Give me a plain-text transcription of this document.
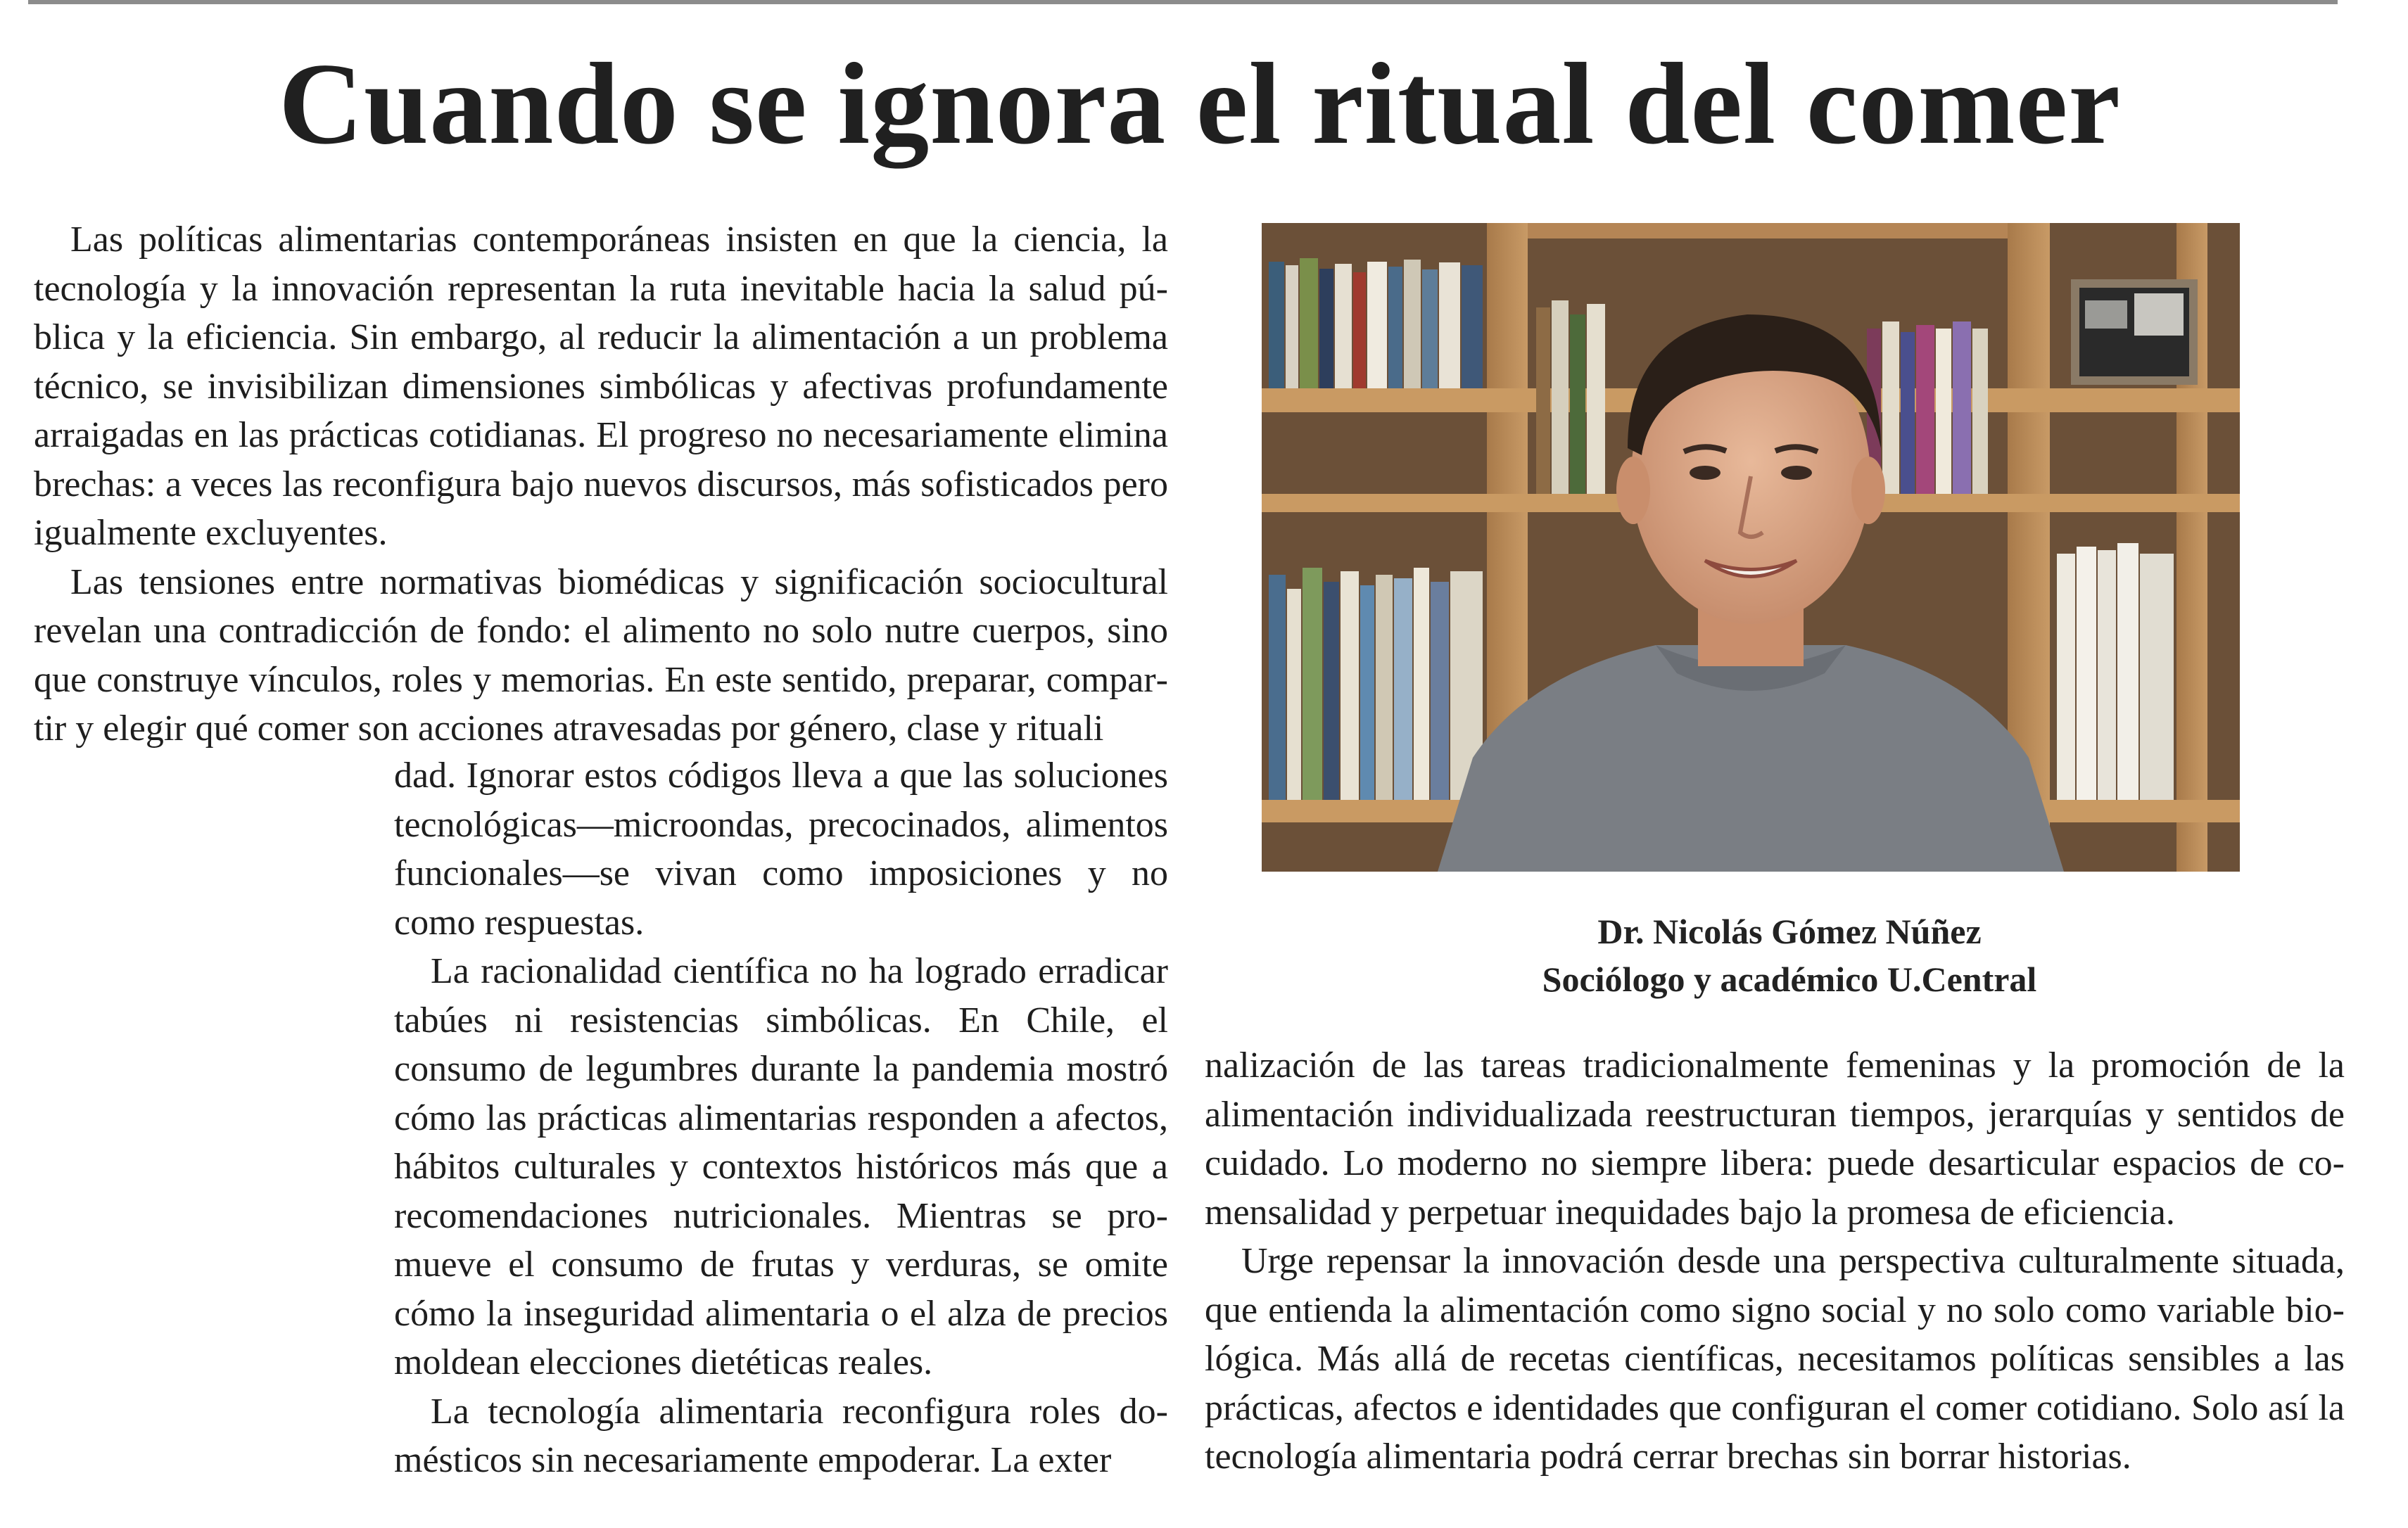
Cuando se ignora el ritual del comer

Las políticas alimentarias contemporáneas insisten en que la ciencia, la tecnología y la innovación representan la ruta inevitable hacia la salud pública y la eficiencia. Sin embargo, al reducir la alimentación a un problema técnico, se invisibilizan dimensiones simbólicas y afectivas profundamente arraigadas en las prácticas cotidianas. El progreso no necesariamente elimina brechas: a veces las reconfigura bajo nuevos discursos, más sofisticados pero igualmente excluyentes.

Las tensiones entre normativas biomédicas y significación sociocultural revelan una contradicción de fondo: el alimento no solo nutre cuerpos, sino que construye vínculos, roles y memorias. En este sentido, preparar, compartir y elegir qué comer son acciones atravesadas por género, clase y rituali

dad. Ignorar estos códigos lleva a que las soluciones tecnológicas—microondas, precocinados, alimentos funcionales—se vivan como imposiciones y no como respuestas.

La racionalidad científica no ha logrado erradicar tabúes ni resistencias simbólicas. En Chile, el consumo de legumbres durante la pandemia mostró cómo las prácticas alimentarias responden a afectos, hábitos culturales y contextos históricos más que a recomendaciones nutricionales. Mientras se promueve el consumo de frutas y verduras, se omite cómo la inseguridad alimentaria o el alza de precios moldean elecciones dietéticas reales.

La tecnología alimentaria reconfigura roles domésticos sin necesariamente empoderar. La exter

Dr. Nicolás Gómez Núñez
Sociólogo y académico U.Central

nalización de las tareas tradicionalmente femeninas y la promoción de la alimentación individualizada reestructuran tiempos, jerarquías y sentidos de cuidado. Lo moderno no siempre libera: puede desarticular espacios de comensalidad y perpetuar inequidades bajo la promesa de eficiencia.

Urge repensar la innovación desde una perspectiva culturalmente situada, que entienda la alimentación como signo social y no solo como variable biológica. Más allá de recetas científicas, necesitamos políticas sensibles a las prácticas, afectos e identidades que configuran el comer cotidiano. Solo así la tecnología alimentaria podrá cerrar brechas sin borrar historias.
